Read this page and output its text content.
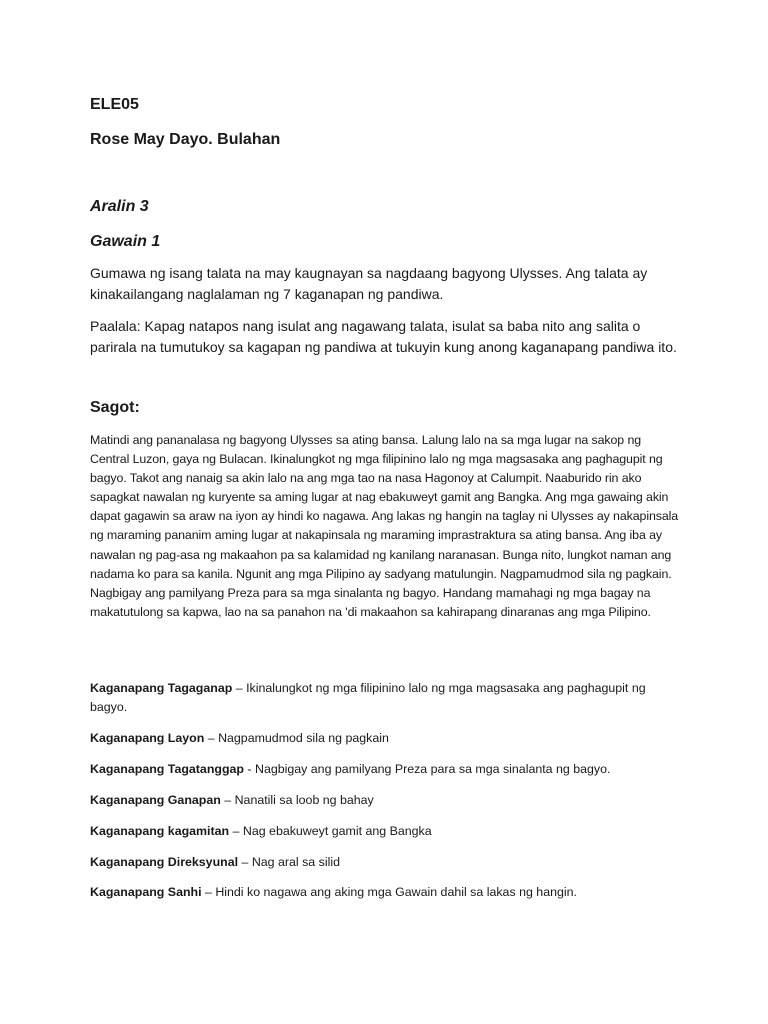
ELE05

Rose May Dayo. Bulahan

Aralin 3

Gawain 1

Gumawa ng isang talata na may kaugnayan sa nagdaang bagyong Ulysses. Ang talata ay kinakailangang naglalaman ng 7 kaganapan ng pandiwa.

Paalala: Kapag natapos nang isulat ang nagawang talata, isulat sa baba nito ang salita o parirala na tumutukoy sa kagapan ng pandiwa at tukuyin kung anong kaganapang pandiwa ito.

Sagot:

Matindi ang pananalasa ng bagyong Ulysses sa ating bansa. Lalung lalo na sa mga lugar na sakop ng Central Luzon, gaya ng Bulacan. Ikinalungkot ng mga filipinino lalo ng mga magsasaka ang paghagupit ng bagyo. Takot ang nanaig sa akin lalo na ang mga tao na nasa Hagonoy at Calumpit. Naaburido rin ako sapagkat nawalan ng kuryente sa aming lugar at nag ebakuweyt gamit ang Bangka. Ang mga gawaing akin dapat gagawin sa araw na iyon ay hindi ko nagawa. Ang lakas ng hangin na taglay ni Ulysses ay nakapinsala ng maraming pananim aming lugar at nakapinsala ng maraming imprastraktura sa ating bansa. Ang iba ay nawalan ng pag-asa ng makaahon pa sa kalamidad ng kanilang naranasan. Bunga nito, lungkot naman ang nadama ko para sa kanila. Ngunit ang mga Pilipino ay sadyang matulungin. Nagpamudmod sila ng pagkain. Nagbigay ang pamilyang Preza para sa mga sinalanta ng bagyo. Handang mamahagi ng mga bagay na makatutulong sa kapwa, lao na sa panahon na 'di makaahon sa kahirapang dinaranas ang mga Pilipino.

Kaganapang Tagaganap – Ikinalungkot ng mga filipinino lalo ng mga magsasaka ang paghagupit ng bagyo.

Kaganapang Layon – Nagpamudmod sila ng pagkain

Kaganapang Tagatanggap - Nagbigay ang pamilyang Preza para sa mga sinalanta ng bagyo.

Kaganapang Ganapan – Nanatili sa loob ng bahay

Kaganapang kagamitan – Nag ebakuweyt gamit ang Bangka

Kaganapang Direksyunal – Nag aral sa silid

Kaganapang Sanhi – Hindi ko nagawa ang aking mga Gawain dahil sa lakas ng hangin.
